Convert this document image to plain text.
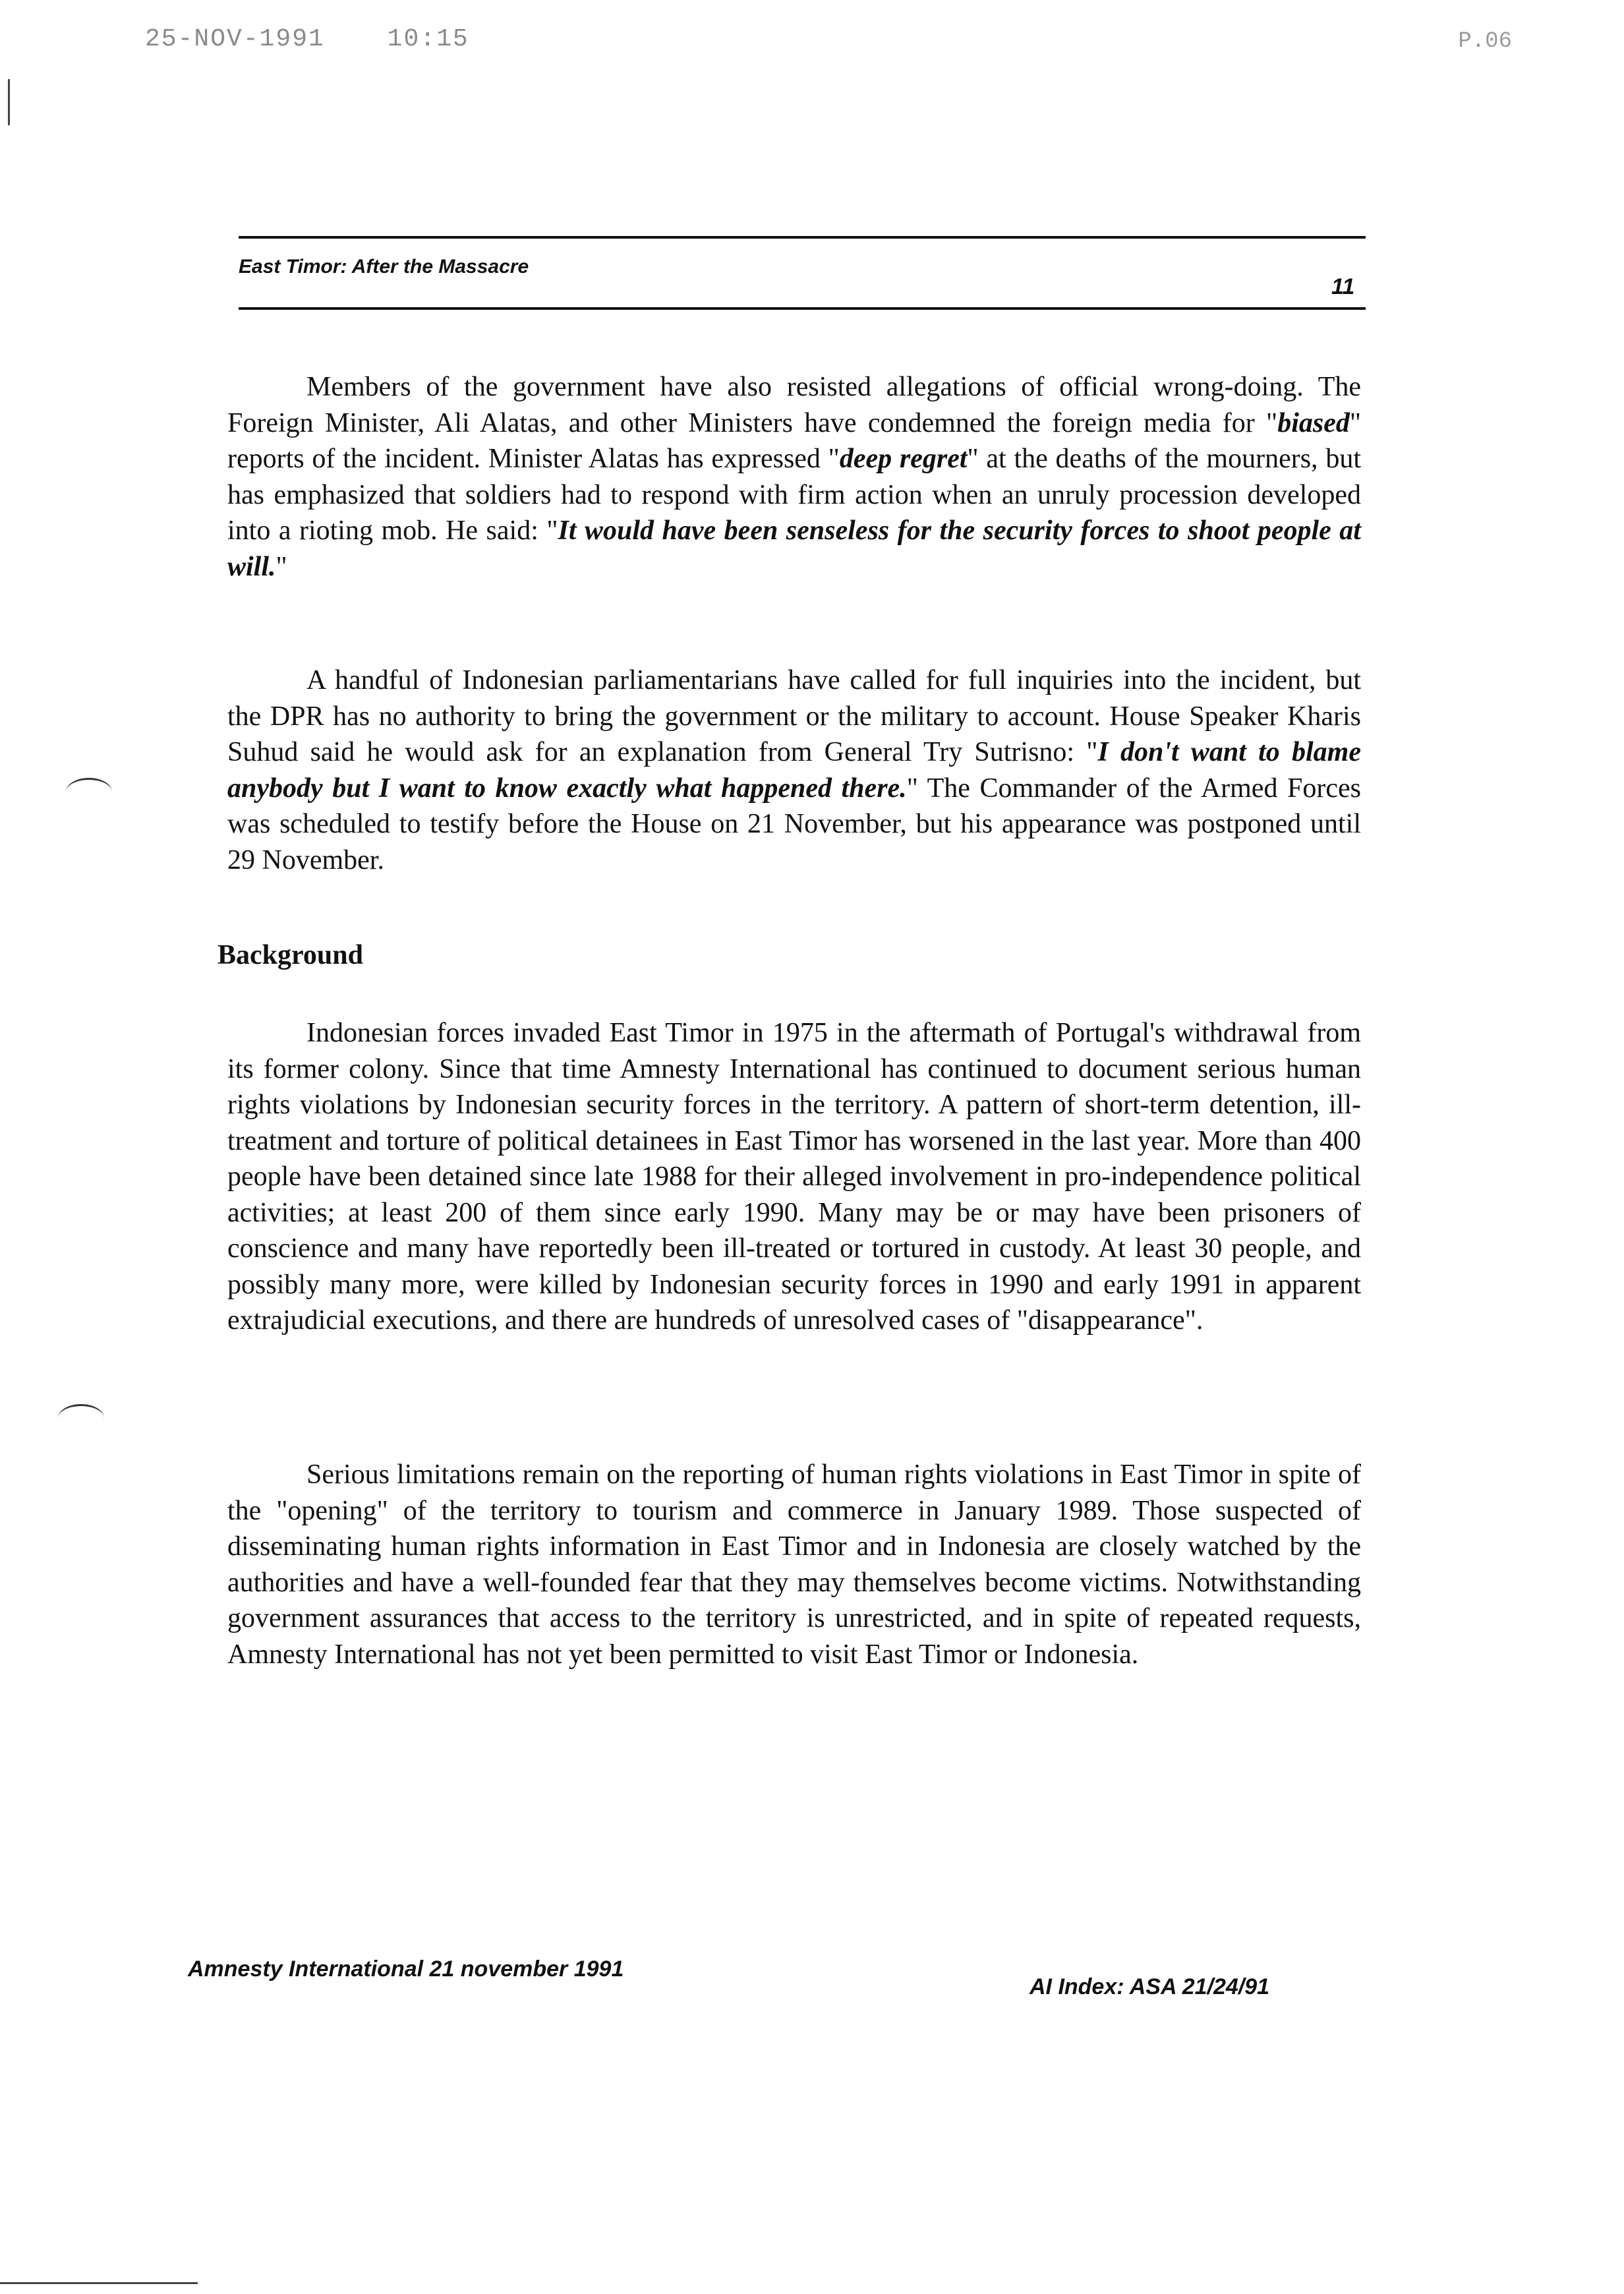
25-NOV-1991 10:15	P.06
East Timor: After the Massacre
11

Members of the government have also resisted allegations of official wrong-doing. The Foreign Minister, Ali Alatas, and other Ministers have condemned the foreign media for "biased" reports of the incident. Minister Alatas has expressed "deep regret" at the deaths of the mourners, but has emphasized that soldiers had to respond with firm action when an unruly procession developed into a rioting mob. He said: "It would have been senseless for the security forces to shoot people at will."

A handful of Indonesian parliamentarians have called for full inquiries into the incident, but the DPR has no authority to bring the government or the military to account. House Speaker Kharis Suhud said he would ask for an explanation from General Try Sutrisno: "I don't want to blame anybody but I want to know exactly what happened there." The Commander of the Armed Forces was scheduled to testify before the House on 21 November, but his appearance was postponed until 29 November.

Background

Indonesian forces invaded East Timor in 1975 in the aftermath of Portugal's withdrawal from its former colony. Since that time Amnesty International has continued to document serious human rights violations by Indonesian security forces in the territory. A pattern of short-term detention, ill-treatment and torture of political detainees in East Timor has worsened in the last year. More than 400 people have been detained since late 1988 for their alleged involvement in pro-independence political activities; at least 200 of them since early 1990. Many may be or may have been prisoners of conscience and many have reportedly been ill-treated or tortured in custody. At least 30 people, and possibly many more, were killed by Indonesian security forces in 1990 and early 1991 in apparent extrajudicial executions, and there are hundreds of unresolved cases of "disappearance".

Serious limitations remain on the reporting of human rights violations in East Timor in spite of the "opening" of the territory to tourism and commerce in January 1989. Those suspected of disseminating human rights information in East Timor and in Indonesia are closely watched by the authorities and have a well-founded fear that they may themselves become victims. Notwithstanding government assurances that access to the territory is unrestricted, and in spite of repeated requests, Amnesty International has not yet been permitted to visit East Timor or Indonesia.

Amnesty International 21 november 1991
AI Index: ASA 21/24/91
